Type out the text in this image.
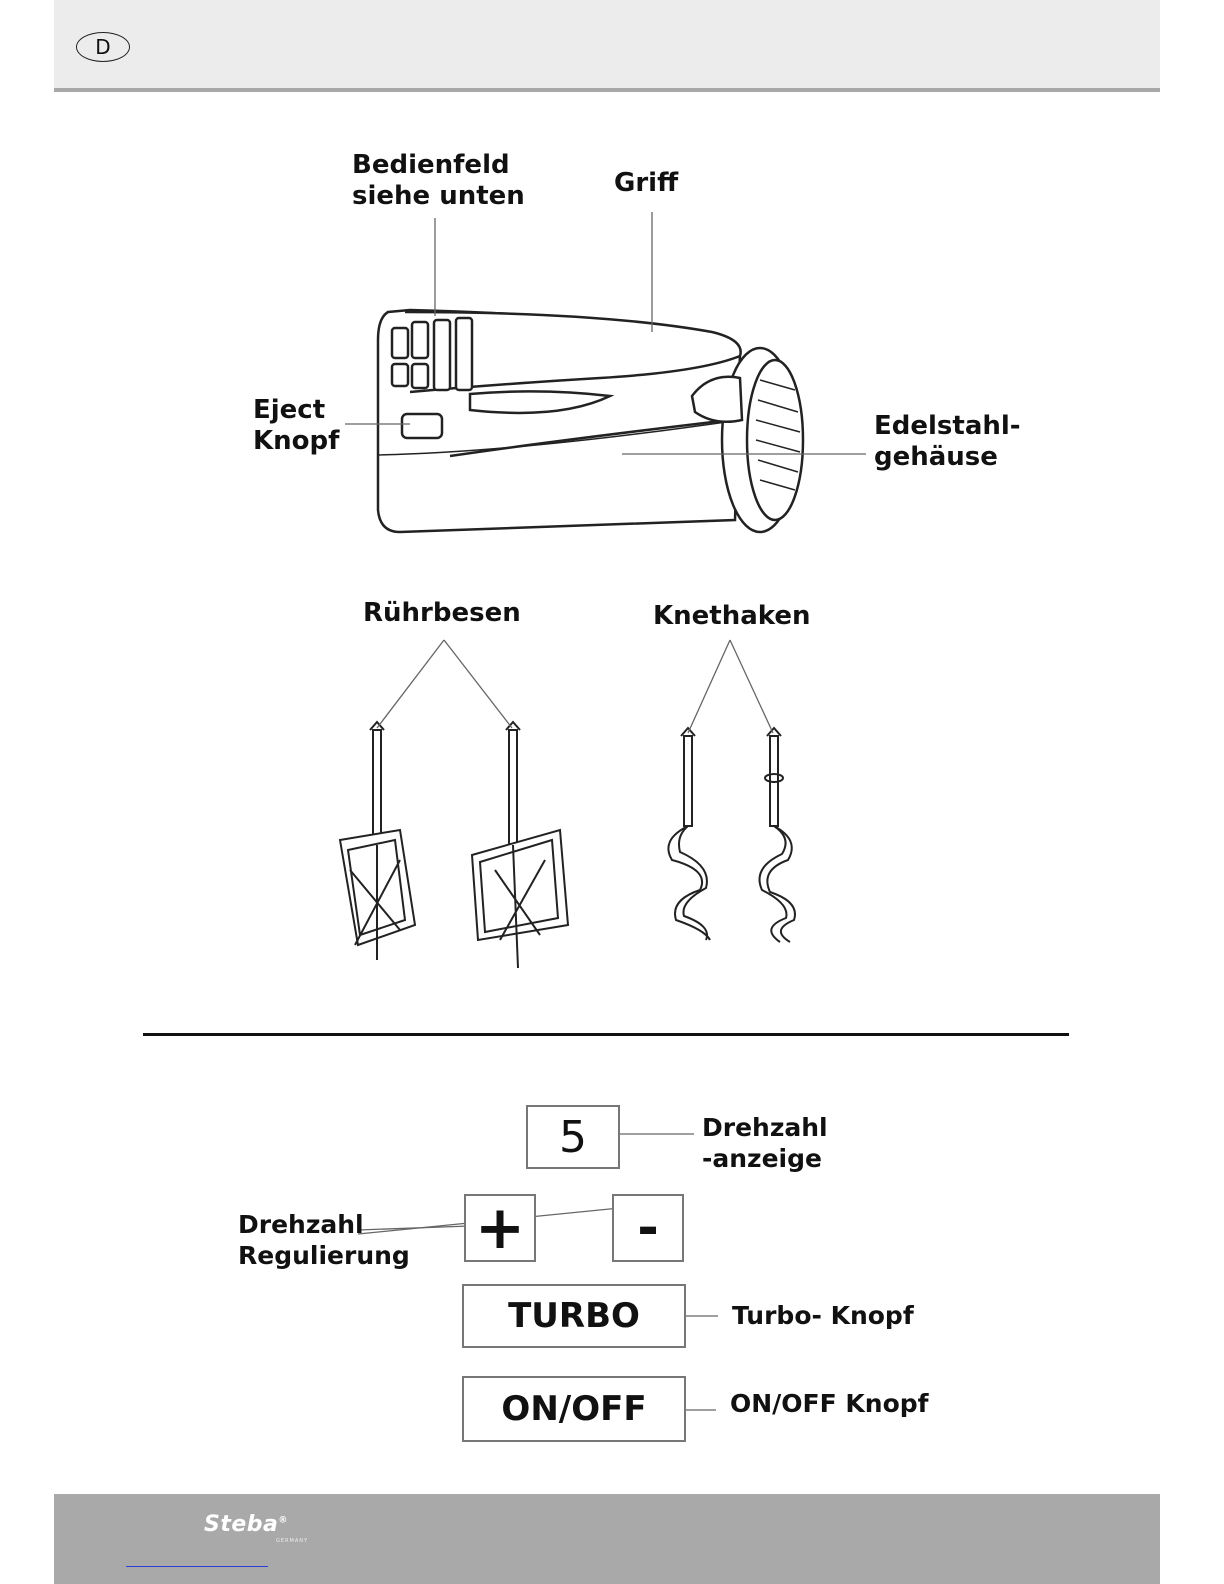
D
Bedienfeld
siehe unten	Griff
Eject
Knopf	Edelstahl-
gehäuse
Rührbesen	Knethaken
5	Drehzahl
-anzeige
Drehzahl
Regulierung + -
TURBO	Turbo- Knopf
ON/OFF	ON/OFF Knopf
Steba®
GERMANY
